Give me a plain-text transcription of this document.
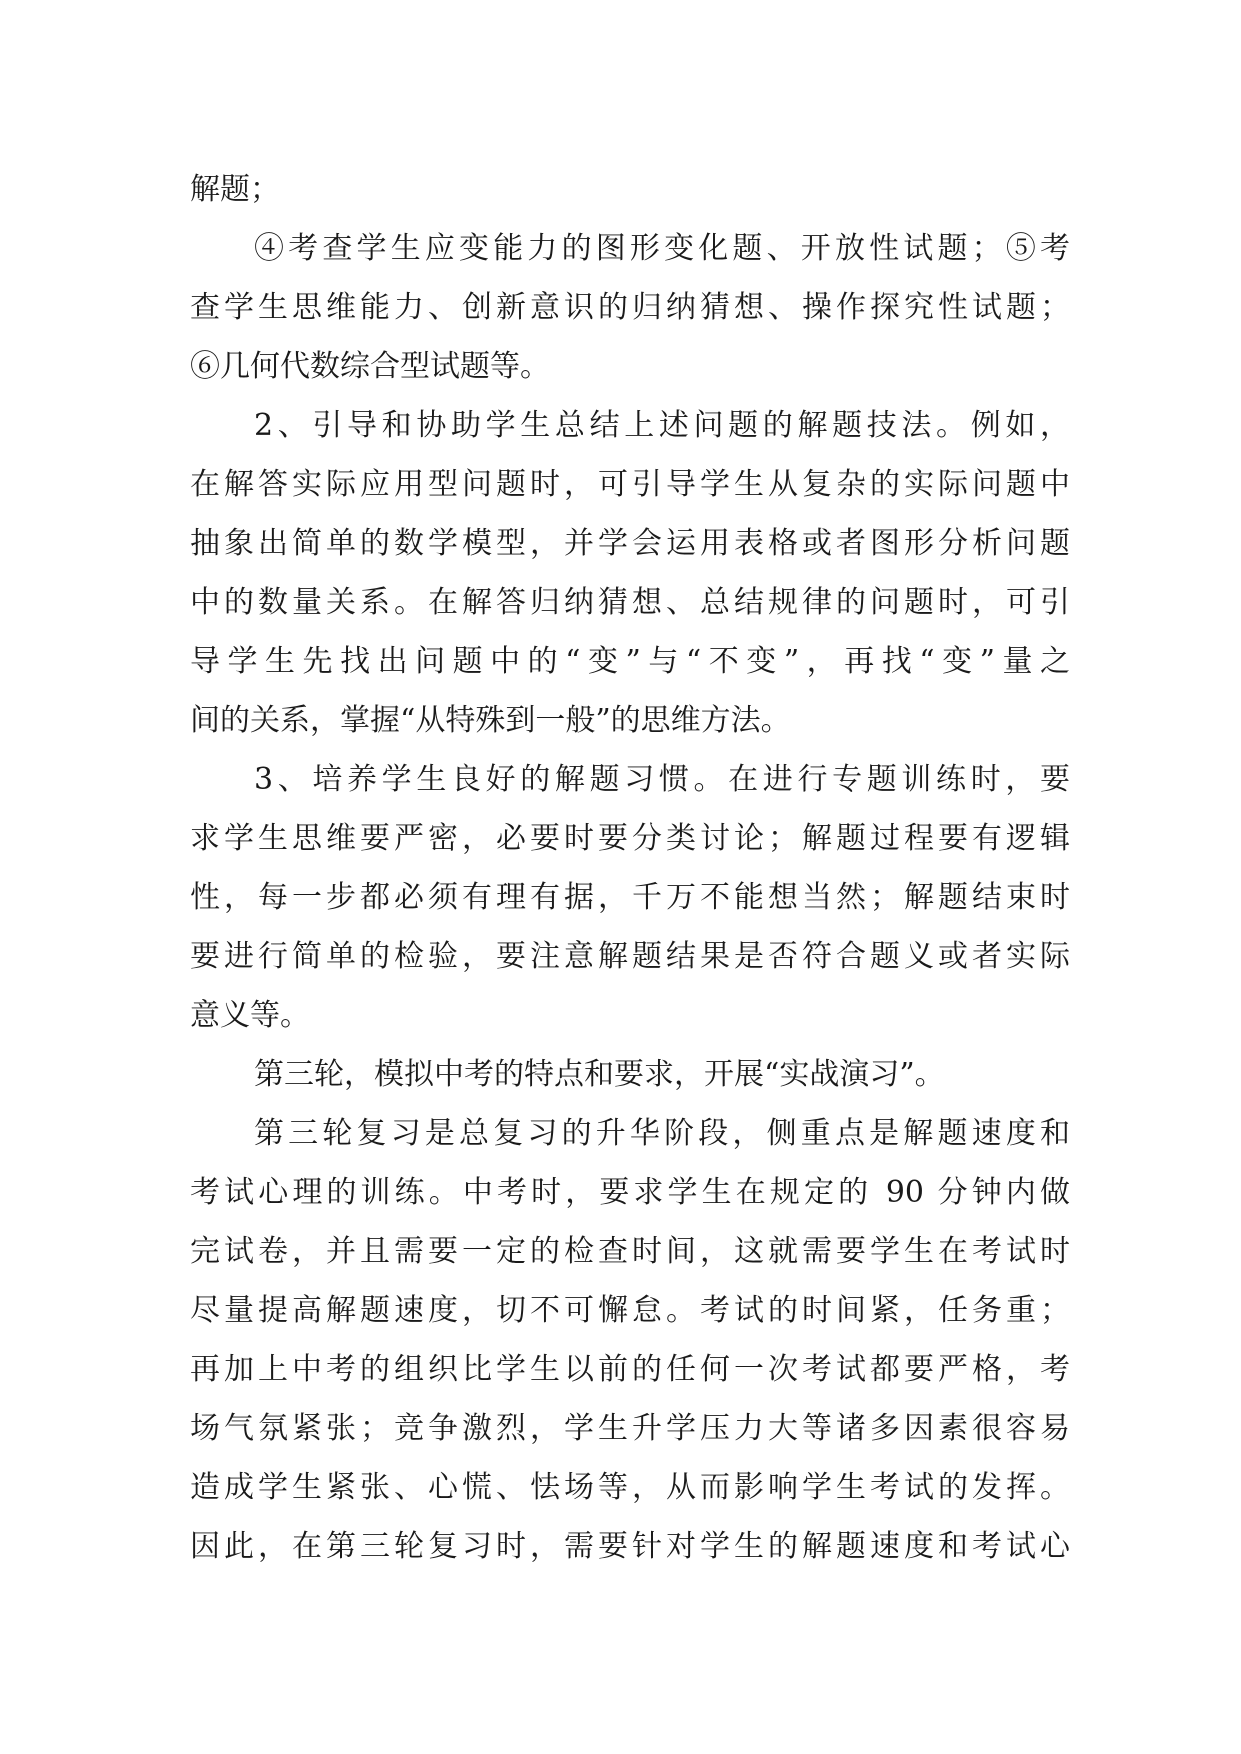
解题；
④考查学生应变能力的图形变化题、开放性试题；⑤考
查学生思维能力、创新意识的归纳猜想、操作探究性试题；
⑥几何代数综合型试题等。
2、引导和协助学生总结上述问题的解题技法。例如，
在解答实际应用型问题时，可引导学生从复杂的实际问题中
抽象出简单的数学模型，并学会运用表格或者图形分析问题
中的数量关系。在解答归纳猜想、总结规律的问题时，可引
导学生先找出问题中的“变”与“不变”，再找“变”量之
间的关系，掌握“从特殊到一般”的思维方法。
3、培养学生良好的解题习惯。在进行专题训练时，要
求学生思维要严密，必要时要分类讨论；解题过程要有逻辑
性，每一步都必须有理有据，千万不能想当然；解题结束时
要进行简单的检验，要注意解题结果是否符合题义或者实际
意义等。
第三轮，模拟中考的特点和要求，开展“实战演习”。
第三轮复习是总复习的升华阶段，侧重点是解题速度和
考试心理的训练。中考时，要求学生在规定的 90 分钟内做
完试卷，并且需要一定的检查时间，这就需要学生在考试时
尽量提高解题速度，切不可懈怠。考试的时间紧，任务重；
再加上中考的组织比学生以前的任何一次考试都要严格，考
场气氛紧张；竞争激烈，学生升学压力大等诸多因素很容易
造成学生紧张、心慌、怯场等，从而影响学生考试的发挥。
因此，在第三轮复习时，需要针对学生的解题速度和考试心
